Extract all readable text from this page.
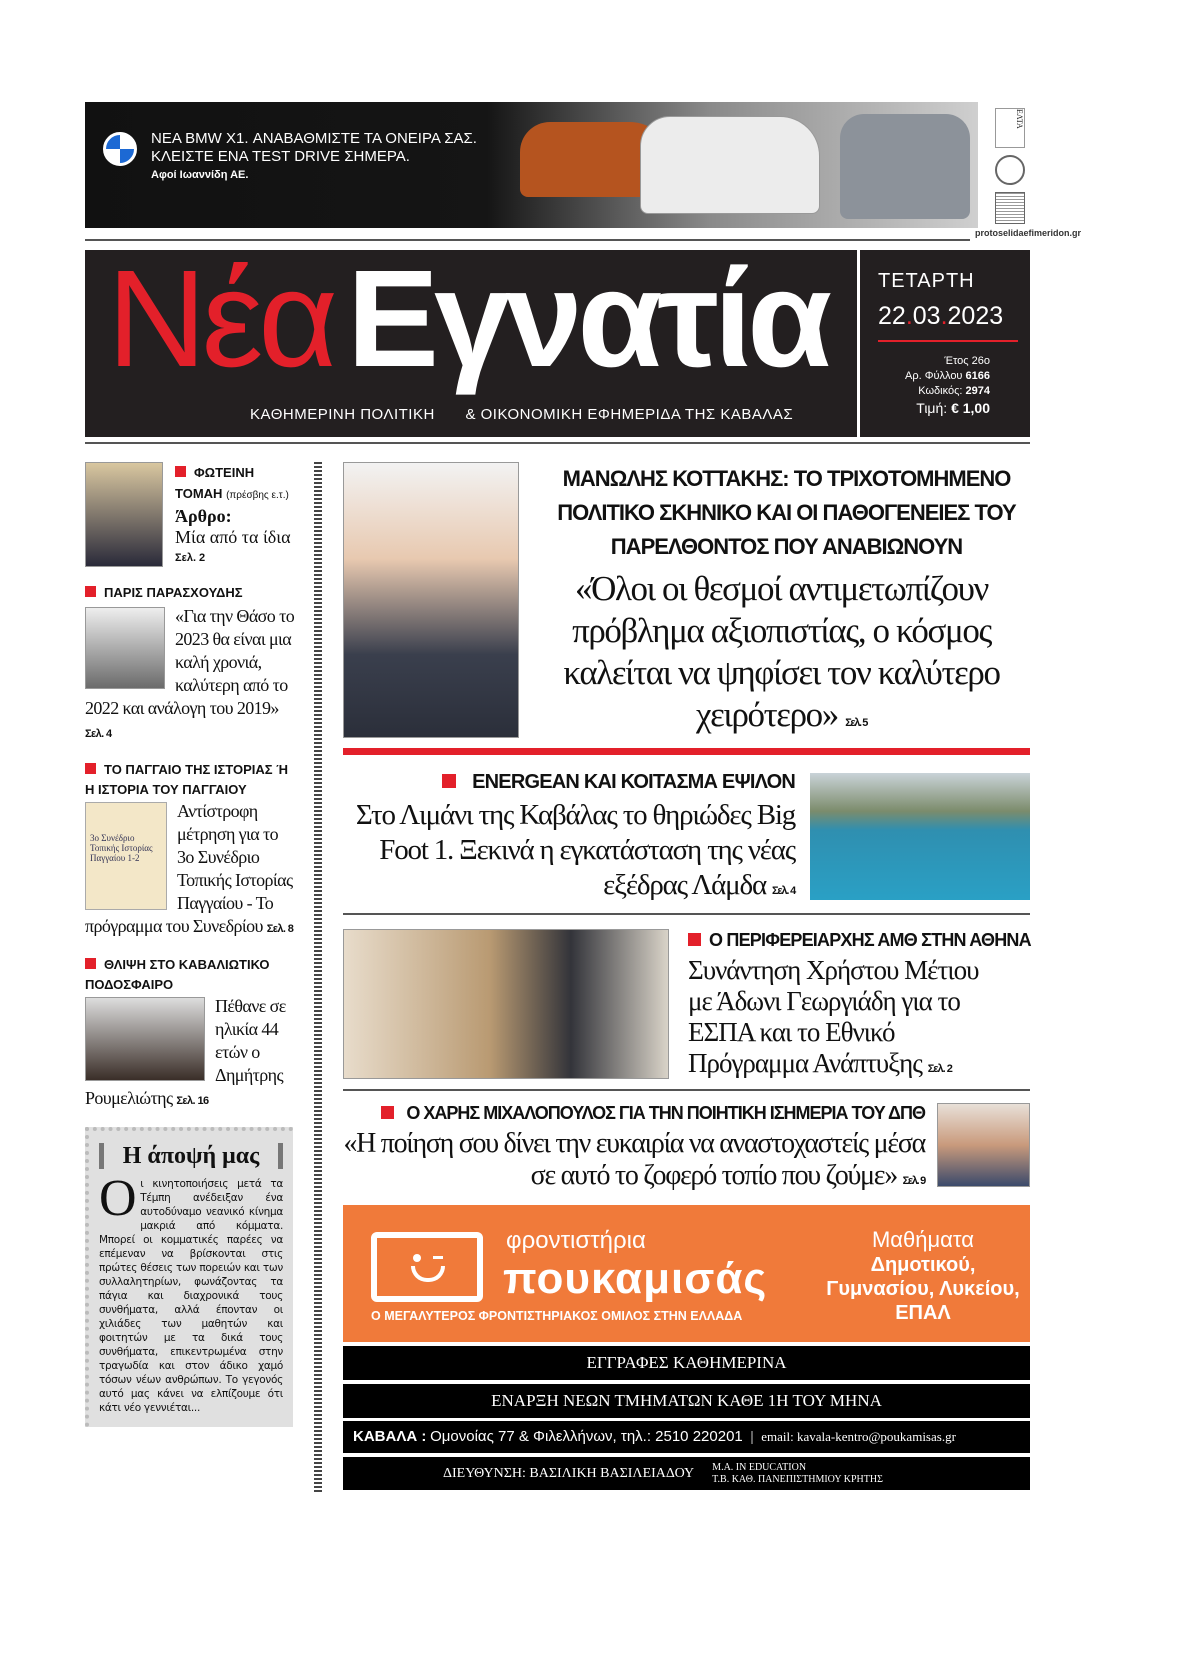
ΝΕΑ BMW X1. ΑΝΑΒΑΘΜΙΣΤΕ ΤΑ ΟΝΕΙΡΑ ΣΑΣ.
ΚΛΕΙΣΤΕ ΕΝΑ TEST DRIVE ΣΗΜΕΡΑ.
Αφοί Ιωαννίδη ΑΕ.
ΕΛΤΑ
protoselidaefimeridon.gr
Νέα Εγνατία
ΚΑΘΗΜΕΡΙΝΗ ΠΟΛΙΤΙΚΗ & ΟΙΚΟΝΟΜΙΚΗ ΕΦΗΜΕΡΙΔΑ ΤΗΣ ΚΑΒΑΛΑΣ
ΤΕΤΑΡΤΗ
22.03.2023
Έτος 26ο
Αρ. Φύλλου 6166
Κωδικός: 2974
Τιμή: € 1,00
ΦΩΤΕΙΝΗ ΤΟΜΑΗ (πρέσβης ε.τ.)
Άρθρο:
Μία από τα ίδια
Σελ. 2
ΠΑΡΙΣ ΠΑΡΑΣΧΟΥΔΗΣ
«Για την Θάσο το 2023 θα είναι μια καλή χρονιά, καλύτερη από το 2022 και ανάλογη του 2019» Σελ. 4
ΤΟ ΠΑΓΓΑΙΟ ΤΗΣ ΙΣΤΟΡΙΑΣ Ή Η ΙΣΤΟΡΙΑ ΤΟΥ ΠΑΓΓΑΙΟΥ
3ο Συνέδριο Τοπικής Ιστορίας Παγγαίου 1-2
Αντίστροφη μέτρηση για το 3ο Συνέδριο Τοπικής Ιστορίας Παγγαίου - Το πρόγραμμα του Συνεδρίου Σελ. 8
ΘΛΙΨΗ ΣΤΟ ΚΑΒΑΛΙΩΤΙΚΟ ΠΟΔΟΣΦΑΙΡΟ
Πέθανε σε ηλικία 44 ετών ο Δημήτρης Ρουμελιώτης Σελ. 16
Η άποψή μας
Οι κινητοποιήσεις μετά τα Τέμπη ανέδειξαν ένα αυτοδύναμο νεανικό κίνημα μακριά από κόμματα. Μπορεί οι κομματικές παρέες να επέμεναν να βρίσκονται στις πρώτες θέσεις των πορειών και των συλλαλητηρίων, φωνάζοντας τα πάγια και διαχρονικά τους συνθήματα, αλλά έπονταν οι χιλιάδες των μαθητών και φοιτητών με τα δικά τους συνθήματα, επικεντρωμένα στην τραγωδία και στον άδικο χαμό τόσων νέων ανθρώπων. Το γεγονός αυτό μας κάνει να ελπίζουμε ότι κάτι νέο γεννιέται...
ΜΑΝΩΛΗΣ ΚΟΤΤΑΚΗΣ: ΤΟ ΤΡΙΧΟΤΟΜΗΜΕΝΟ ΠΟΛΙΤΙΚΟ ΣΚΗΝΙΚΟ ΚΑΙ ΟΙ ΠΑΘΟΓΕΝΕΙΕΣ ΤΟΥ ΠΑΡΕΛΘΟΝΤΟΣ ΠΟΥ ΑΝΑΒΙΩΝΟΥΝ
«Όλοι οι θεσμοί αντιμετωπίζουν πρόβλημα αξιοπιστίας, ο κόσμος καλείται να ψηφίσει τον καλύτερο χειρότερο» Σελ. 5
ENERGEAN ΚΑΙ ΚΟΙΤΑΣΜΑ ΕΨΙΛΟΝ
Στο Λιμάνι της Καβάλας το θηριώδες Big Foot 1. Ξεκινά η εγκατάσταση της νέας εξέδρας Λάμδα Σελ. 4
Ο ΠΕΡΙΦΕΡΕΙΑΡΧΗΣ ΑΜΘ ΣΤΗΝ ΑΘΗΝΑ
Συνάντηση Χρήστου Μέτιου με Άδωνι Γεωργιάδη για το ΕΣΠΑ και το Εθνικό Πρόγραμμα Ανάπτυξης Σελ. 2
Ο ΧΑΡΗΣ ΜΙΧΑΛΟΠΟΥΛΟΣ ΓΙΑ ΤΗΝ ΠΟΙΗΤΙΚΗ ΙΣΗΜΕΡΙΑ ΤΟΥ ΔΠΘ
«Η ποίηση σου δίνει την ευκαιρία να αναστοχαστείς μέσα σε αυτό το ζοφερό τοπίο που ζούμε» Σελ. 9
φροντιστήρια
πουκαμισάς
Ο ΜΕΓΑΛΥΤΕΡΟΣ ΦΡΟΝΤΙΣΤΗΡΙΑΚΟΣ ΟΜΙΛΟΣ ΣΤΗΝ ΕΛΛΑΔΑ
Μαθήματα
Δημοτικού, Γυμνασίου, Λυκείου, ΕΠΑΛ
ΕΓΓΡΑΦΕΣ ΚΑΘΗΜΕΡΙΝΑ
ΕΝΑΡΞΗ ΝΕΩΝ ΤΜΗΜΑΤΩΝ ΚΑΘΕ 1Η ΤΟΥ ΜΗΝΑ
ΚΑΒΑΛΑ : Ομονοίας 77 & Φιλελλήνων, τηλ.: 2510 220201 | email: kavala-kentro@poukamisas.gr
ΔΙΕΥΘΥΝΣΗ: ΒΑΣΙΛΙΚΗ ΒΑΣΙΛΕΙΑΔΟΥ M.A. IN EDUCATION
Τ.Β. ΚΑΘ. ΠΑΝΕΠΙΣΤΗΜΙΟΥ ΚΡΗΤΗΣ
